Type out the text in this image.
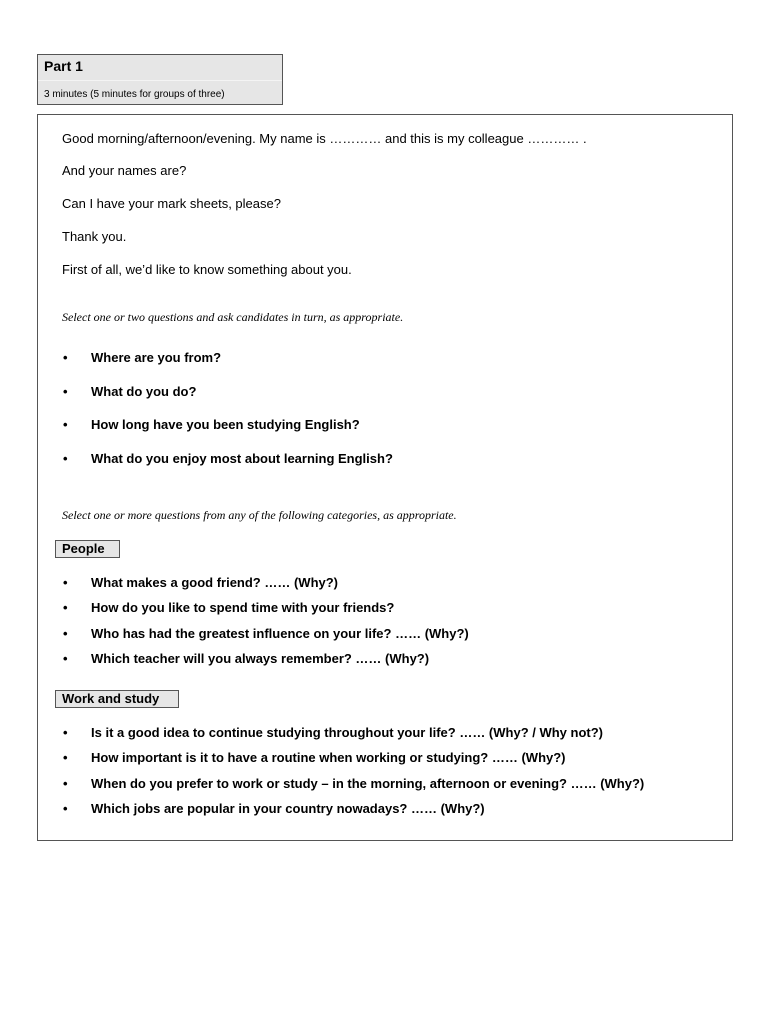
Part 1
3 minutes (5 minutes for groups of three)
Good morning/afternoon/evening. My name is ………… and this is my colleague ………… .
And your names are?
Can I have your mark sheets, please?
Thank you.
First of all, we’d like to know something about you.
Select one or two questions and ask candidates in turn, as appropriate.
• Where are you from?
• What do you do?
• How long have you been studying English?
• What do you enjoy most about learning English?
Select one or more questions from any of the following categories, as appropriate.
People
• What makes a good friend? …… (Why?)
• How do you like to spend time with your friends?
• Who has had the greatest influence on your life? …… (Why?)
• Which teacher will you always remember? …… (Why?)
Work and study
• Is it a good idea to continue studying throughout your life? …… (Why? / Why not?)
• How important is it to have a routine when working or studying? …… (Why?)
• When do you prefer to work or study – in the morning, afternoon or evening? …… (Why?)
• Which jobs are popular in your country nowadays? …… (Why?)
